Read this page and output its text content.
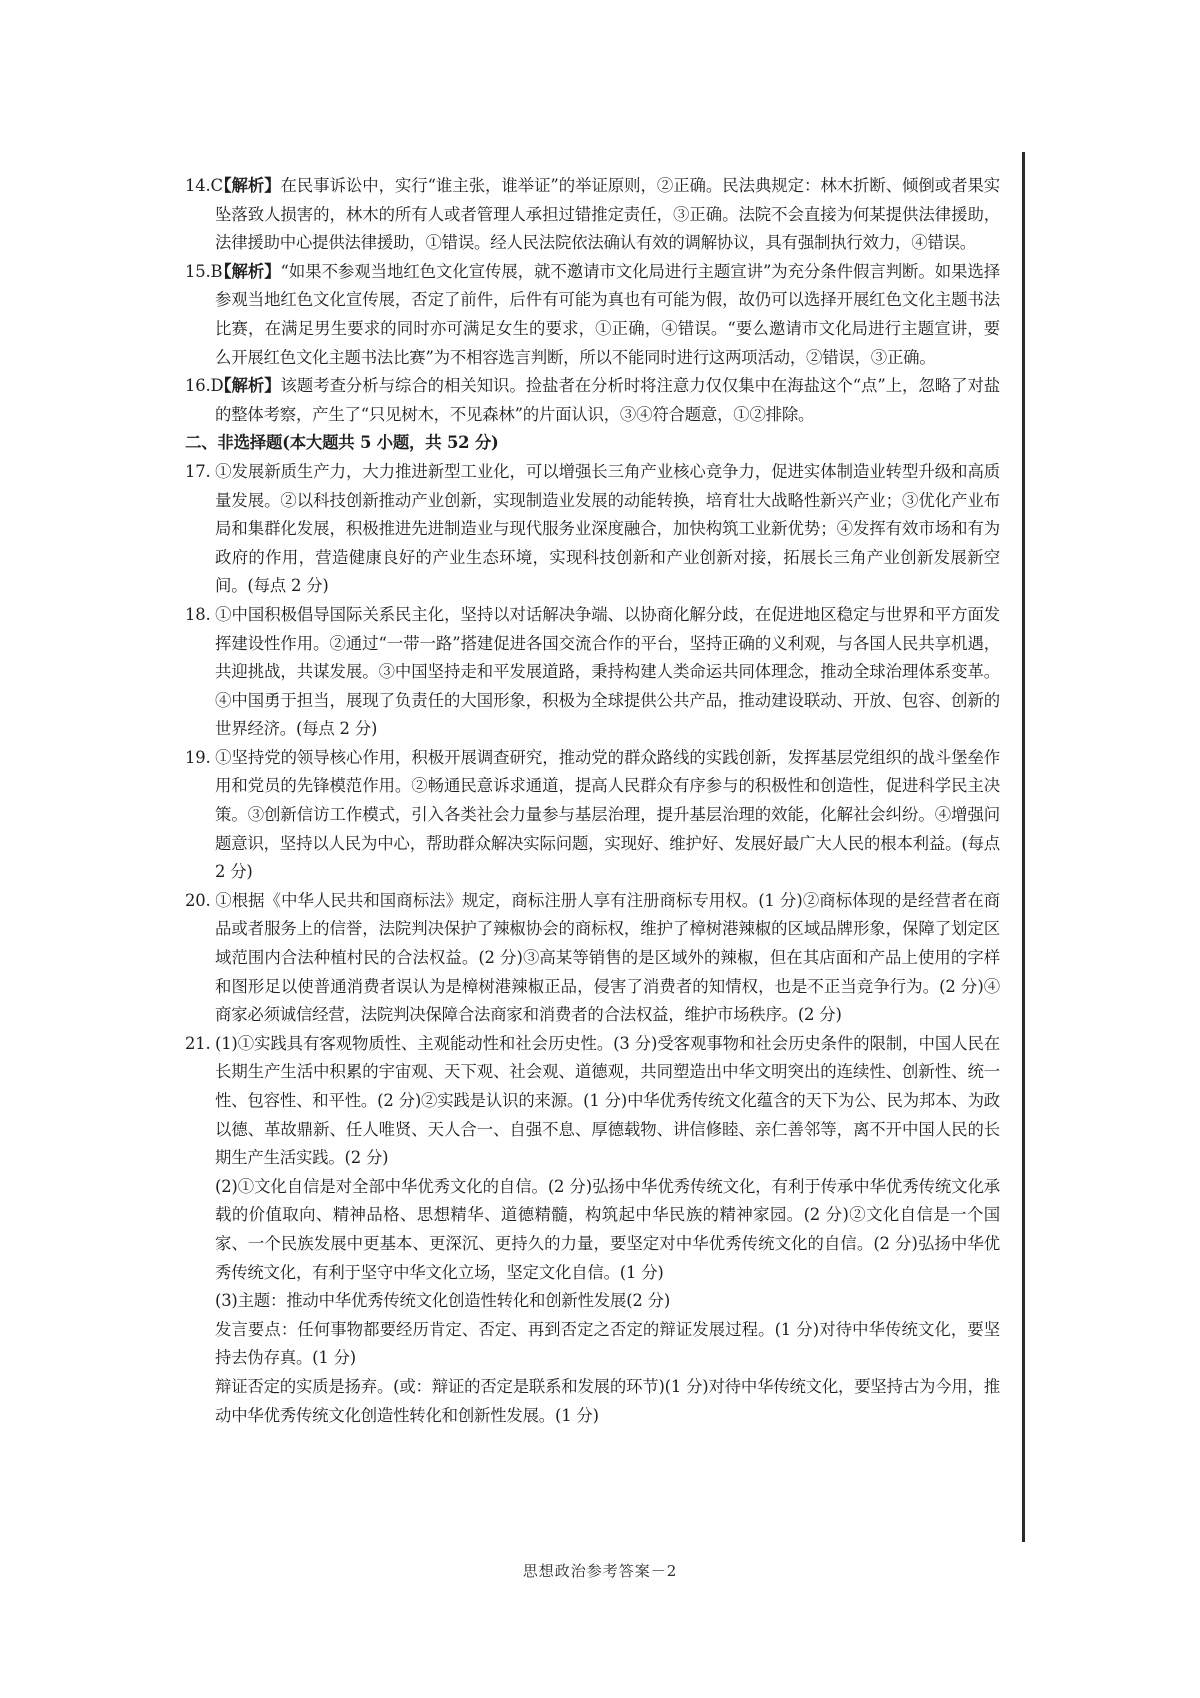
14.C【解析】在民事诉讼中，实行“谁主张，谁举证”的举证原则，②正确。民法典规定：林木折断、倾倒或者果实坠落致人损害的，林木的所有人或者管理人承担过错推定责任，③正确。法院不会直接为何某提供法律援助，法律援助中心提供法律援助，①错误。经人民法院依法确认有效的调解协议，具有强制执行效力，④错误。

15.B【解析】“如果不参观当地红色文化宣传展，就不邀请市文化局进行主题宣讲”为充分条件假言判断。如果选择参观当地红色文化宣传展，否定了前件，后件有可能为真也有可能为假，故仍可以选择开展红色文化主题书法比赛，在满足男生要求的同时亦可满足女生的要求，①正确，④错误。“要么邀请市文化局进行主题宣讲，要么开展红色文化主题书法比赛”为不相容选言判断，所以不能同时进行这两项活动，②错误，③正确。

16.D【解析】该题考查分析与综合的相关知识。捡盐者在分析时将注意力仅仅集中在海盐这个“点”上，忽略了对盐的整体考察，产生了“只见树木，不见森林”的片面认识，③④符合题意，①②排除。

二、非选择题(本大题共 5 小题，共 52 分)

17. ①发展新质生产力，大力推进新型工业化，可以增强长三角产业核心竞争力，促进实体制造业转型升级和高质量发展。②以科技创新推动产业创新，实现制造业发展的动能转换，培育壮大战略性新兴产业；③优化产业布局和集群化发展，积极推进先进制造业与现代服务业深度融合，加快构筑工业新优势；④发挥有效市场和有为政府的作用，营造健康良好的产业生态环境，实现科技创新和产业创新对接，拓展长三角产业创新发展新空间。(每点 2 分)

18. ①中国积极倡导国际关系民主化，坚持以对话解决争端、以协商化解分歧，在促进地区稳定与世界和平方面发挥建设性作用。②通过“一带一路”搭建促进各国交流合作的平台，坚持正确的义利观，与各国人民共享机遇，共迎挑战，共谋发展。③中国坚持走和平发展道路，秉持构建人类命运共同体理念，推动全球治理体系变革。④中国勇于担当，展现了负责任的大国形象，积极为全球提供公共产品，推动建设联动、开放、包容、创新的世界经济。(每点 2 分)

19. ①坚持党的领导核心作用，积极开展调查研究，推动党的群众路线的实践创新，发挥基层党组织的战斗堡垒作用和党员的先锋模范作用。②畅通民意诉求通道，提高人民群众有序参与的积极性和创造性，促进科学民主决策。③创新信访工作模式，引入各类社会力量参与基层治理，提升基层治理的效能，化解社会纠纷。④增强问题意识，坚持以人民为中心，帮助群众解决实际问题，实现好、维护好、发展好最广大人民的根本利益。(每点 2 分)

20. ①根据《中华人民共和国商标法》规定，商标注册人享有注册商标专用权。(1 分)②商标体现的是经营者在商品或者服务上的信誉，法院判决保护了辣椒协会的商标权，维护了樟树港辣椒的区域品牌形象，保障了划定区域范围内合法种植村民的合法权益。(2 分)③高某等销售的是区域外的辣椒，但在其店面和产品上使用的字样和图形足以使普通消费者误认为是樟树港辣椒正品，侵害了消费者的知情权，也是不正当竞争行为。(2 分)④商家必须诚信经营，法院判决保障合法商家和消费者的合法权益，维护市场秩序。(2 分)

21. (1)①实践具有客观物质性、主观能动性和社会历史性。(3 分)受客观事物和社会历史条件的限制，中国人民在长期生产生活中积累的宇宙观、天下观、社会观、道德观，共同塑造出中华文明突出的连续性、创新性、统一性、包容性、和平性。(2 分)②实践是认识的来源。(1 分)中华优秀传统文化蕴含的天下为公、民为邦本、为政以德、革故鼎新、任人唯贤、天人合一、自强不息、厚德载物、讲信修睦、亲仁善邻等，离不开中国人民的长期生产生活实践。(2 分)

(2)①文化自信是对全部中华优秀文化的自信。(2 分)弘扬中华优秀传统文化，有利于传承中华优秀传统文化承载的价值取向、精神品格、思想精华、道德精髓，构筑起中华民族的精神家园。(2 分)②文化自信是一个国家、一个民族发展中更基本、更深沉、更持久的力量，要坚定对中华优秀传统文化的自信。(2 分)弘扬中华优秀传统文化，有利于坚守中华文化立场，坚定文化自信。(1 分)

(3)主题：推动中华优秀传统文化创造性转化和创新性发展(2 分)

发言要点：任何事物都要经历肯定、否定、再到否定之否定的辩证发展过程。(1 分)对待中华传统文化，要坚持去伪存真。(1 分)

辩证否定的实质是扬弃。(或：辩证的否定是联系和发展的环节)(1 分)对待中华传统文化，要坚持古为今用，推动中华优秀传统文化创造性转化和创新性发展。(1 分)

思想政治参考答案－2
